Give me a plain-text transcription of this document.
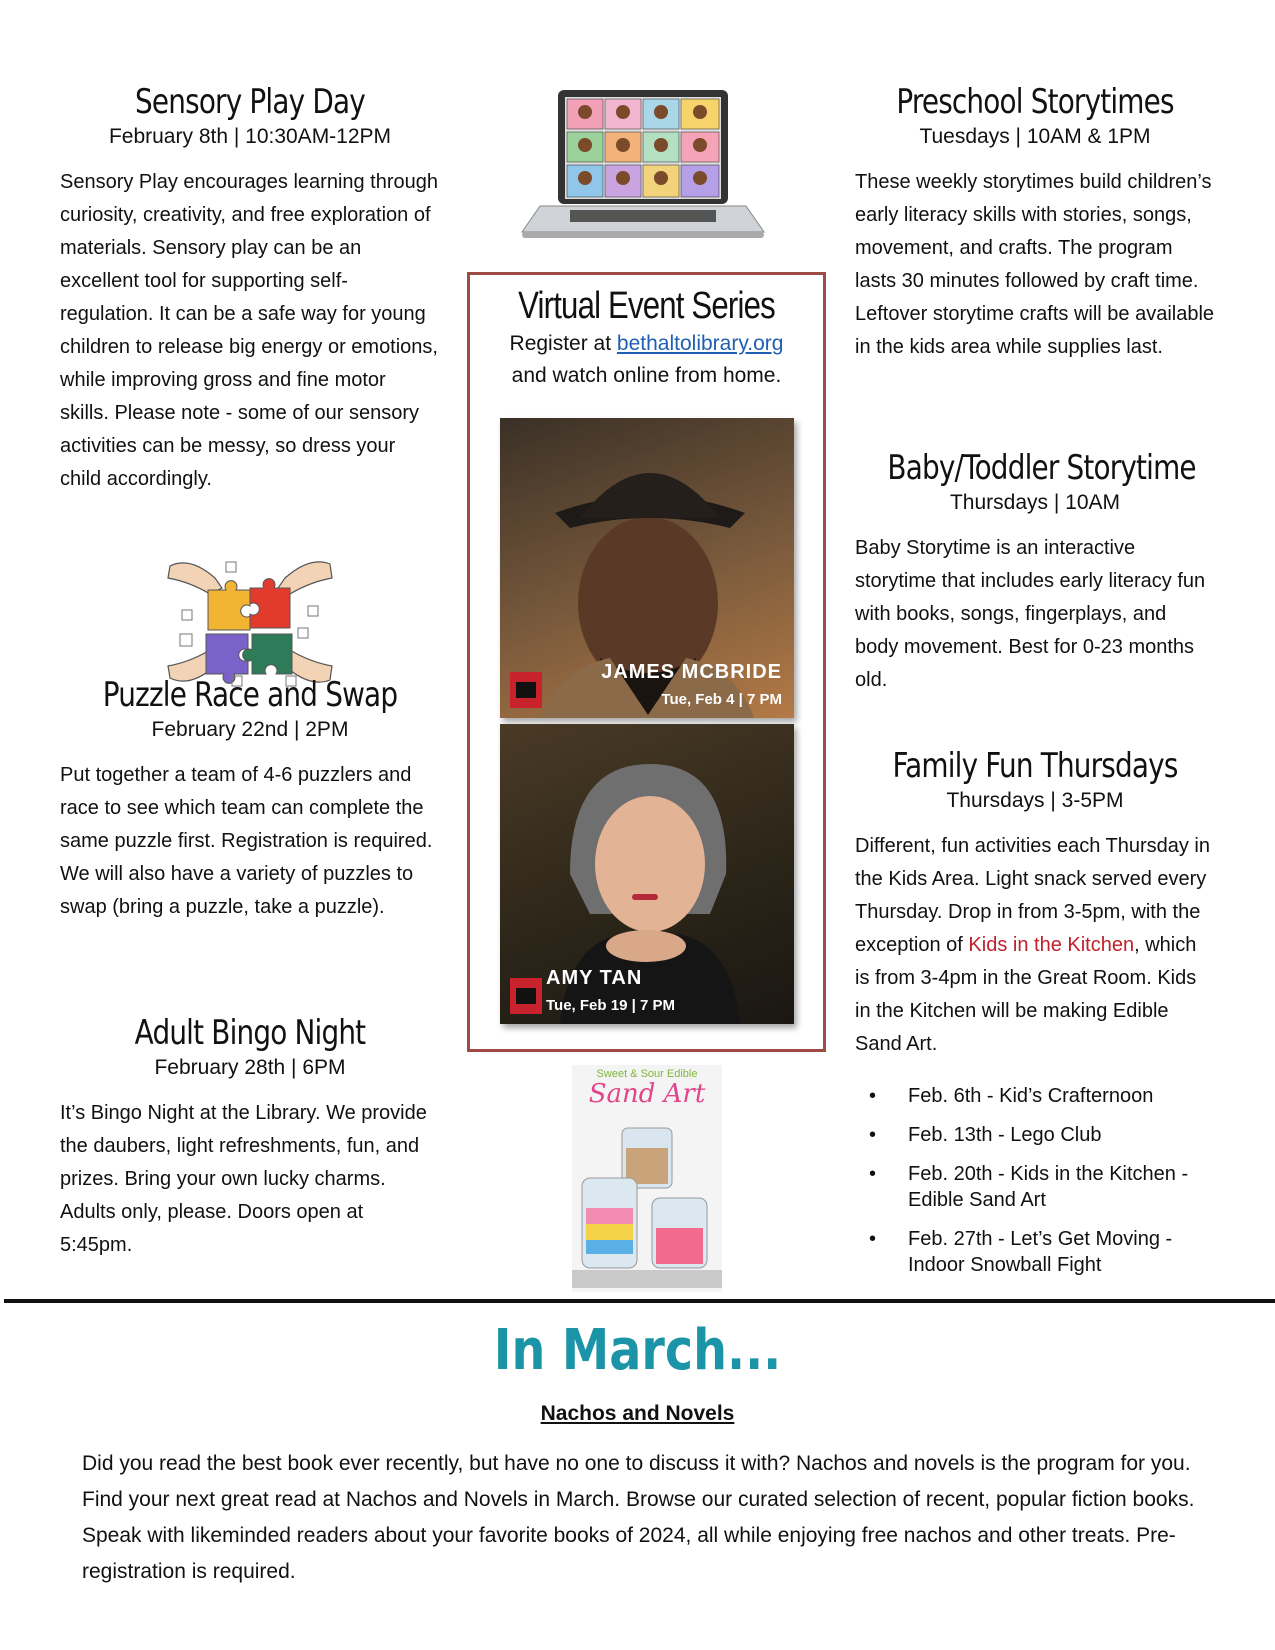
Sensory Play Day
February 8th | 10:30AM-12PM
Sensory Play encourages learning through curiosity, creativity, and free exploration of materials. Sensory play can be an excellent tool for supporting self-regulation. It can be a safe way for young children to release big energy or emotions, while improving gross and fine motor skills. Please note - some of our sensory activities can be messy, so dress your child accordingly.
Puzzle Race and Swap
February 22nd | 2PM
Put together a team of 4-6 puzzlers and race to see which team can complete the same puzzle first. Registration is required. We will also have a variety of puzzles to swap (bring a puzzle, take a puzzle).
Adult Bingo Night
February 28th | 6PM
It’s Bingo Night at the Library. We provide the daubers, light refreshments, fun, and prizes. Bring your own lucky charms. Adults only, please. Doors open at 5:45pm.
Virtual Event Series
Register at bethaltolibrary.org
and watch online from home.
JAMES MCBRIDE
Tue, Feb 4 | 7 PM
AMY TAN
Tue, Feb 19 | 7 PM
Sweet & Sour Edible
Sand Art
Preschool Storytimes
Tuesdays | 10AM & 1PM
These weekly storytimes build children’s early literacy skills with stories, songs, movement, and crafts. The program lasts 30 minutes followed by craft time. Leftover storytime crafts will be available in the kids area while supplies last.
Baby/Toddler Storytime
Thursdays | 10AM
Baby Storytime is an interactive storytime that includes early literacy fun with books, songs, fingerplays, and body movement. Best for 0-23 months old.
Family Fun Thursdays
Thursdays | 3-5PM
Different, fun activities each Thursday in the Kids Area. Light snack served every Thursday. Drop in from 3-5pm, with the exception of Kids in the Kitchen, which is from 3-4pm in the Great Room. Kids in the Kitchen will be making Edible Sand Art.
• Feb. 6th - Kid’s Crafternoon
• Feb. 13th - Lego Club
• Feb. 20th - Kids in the Kitchen - Edible Sand Art
• Feb. 27th - Let’s Get Moving - Indoor Snowball Fight
In March...
Nachos and Novels
Did you read the best book ever recently, but have no one to discuss it with? Nachos and novels is the program for you. Find your next great read at Nachos and Novels in March. Browse our curated selection of recent, popular fiction books. Speak with likeminded readers about your favorite books of 2024, all while enjoying free nachos and other treats. Pre-registration is required.
